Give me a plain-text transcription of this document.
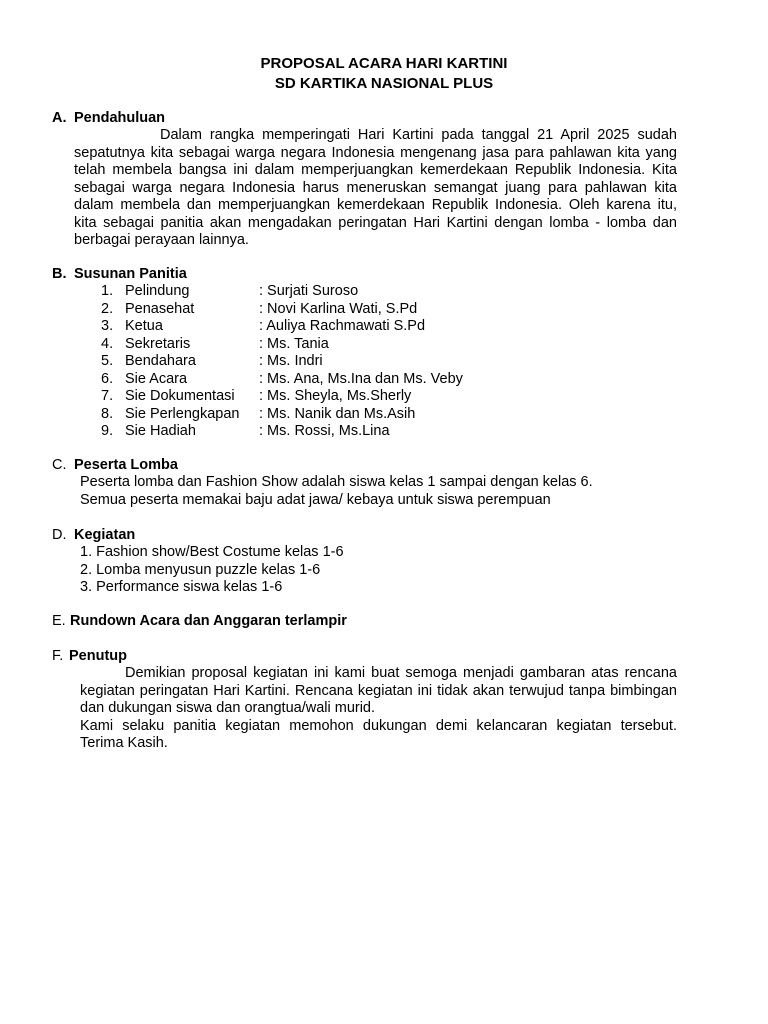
PROPOSAL ACARA HARI KARTINI
SD KARTIKA NASIONAL PLUS
A. Pendahuluan
Dalam rangka memperingati Hari Kartini pada tanggal 21 April 2025 sudah sepatutnya kita sebagai warga negara Indonesia mengenang jasa para pahlawan kita yang telah membela bangsa ini dalam memperjuangkan kemerdekaan Republik Indonesia. Kita sebagai warga negara Indonesia harus meneruskan semangat juang para pahlawan kita dalam membela dan memperjuangkan kemerdekaan Republik Indonesia. Oleh karena itu, kita sebagai panitia akan mengadakan peringatan Hari Kartini dengan lomba - lomba dan berbagai perayaan lainnya.
B. Susunan Panitia
1. Pelindung	: Surjati Suroso
2. Penasehat	: Novi Karlina Wati, S.Pd
3. Ketua	: Auliya Rachmawati S.Pd
4. Sekretaris	: Ms. Tania
5. Bendahara	: Ms. Indri
6. Sie Acara	: Ms. Ana, Ms.Ina dan Ms. Veby
7. Sie Dokumentasi : Ms. Sheyla, Ms.Sherly
8. Sie Perlengkapan : Ms. Nanik dan Ms.Asih
9. Sie Hadiah	: Ms. Rossi, Ms.Lina
C. Peserta Lomba
Peserta lomba dan Fashion Show adalah siswa kelas 1 sampai dengan kelas 6.
Semua peserta memakai baju adat jawa/ kebaya untuk siswa perempuan
D. Kegiatan
1. Fashion show/Best Costume kelas 1-6
2. Lomba menyusun puzzle kelas 1-6
3. Performance siswa kelas 1-6
E. Rundown Acara dan Anggaran terlampir
F. Penutup
Demikian proposal kegiatan ini kami buat semoga menjadi gambaran atas rencana kegiatan peringatan Hari Kartini. Rencana kegiatan ini tidak akan terwujud tanpa bimbingan dan dukungan siswa dan orangtua/wali murid.
Kami selaku panitia kegiatan memohon dukungan demi kelancaran kegiatan tersebut.
Terima Kasih.
